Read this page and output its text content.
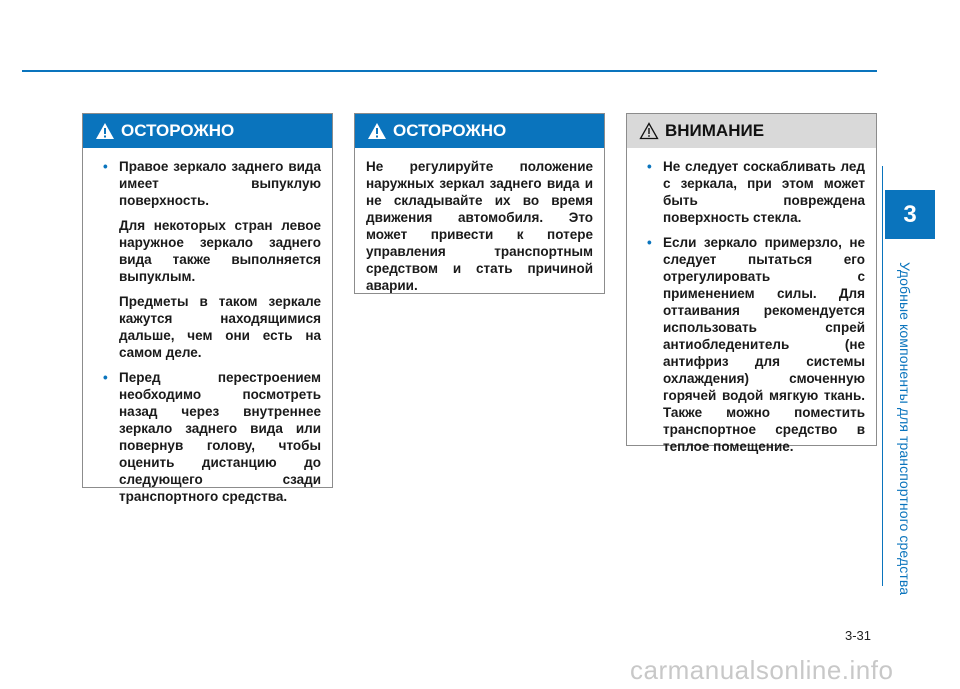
ОСТОРОЖНО

• Правое зеркало заднего вида имеет выпуклую поверхность.

Для некоторых стран левое наружное зеркало заднего вида также выполняется выпуклым.

Предметы в таком зеркале кажутся находящимися дальше, чем они есть на самом деле.

• Перед перестроением необходимо посмотреть назад через внутреннее зеркало заднего вида или повернув голову, чтобы оценить дистанцию до следующего сзади транспортного средства.

ОСТОРОЖНО

Не регулируйте положение наружных зеркал заднего вида и не складывайте их во время движения автомобиля. Это может привести к потере управления транспортным средством и стать причиной аварии.

ВНИМАНИЕ

• Не следует соскабливать лед с зеркала, при этом может быть повреждена поверхность стекла.

• Если зеркало примерзло, не следует пытаться его отрегулировать с применением силы. Для оттаивания рекомендуется использовать спрей антиобледенитель (не антифриз для системы охлаждения) смоченную горячей водой мягкую ткань. Также можно поместить транспортное средство в теплое помещение.

3
Удобные компоненты для транспортного средства
3-31
carmanualsonline.info
